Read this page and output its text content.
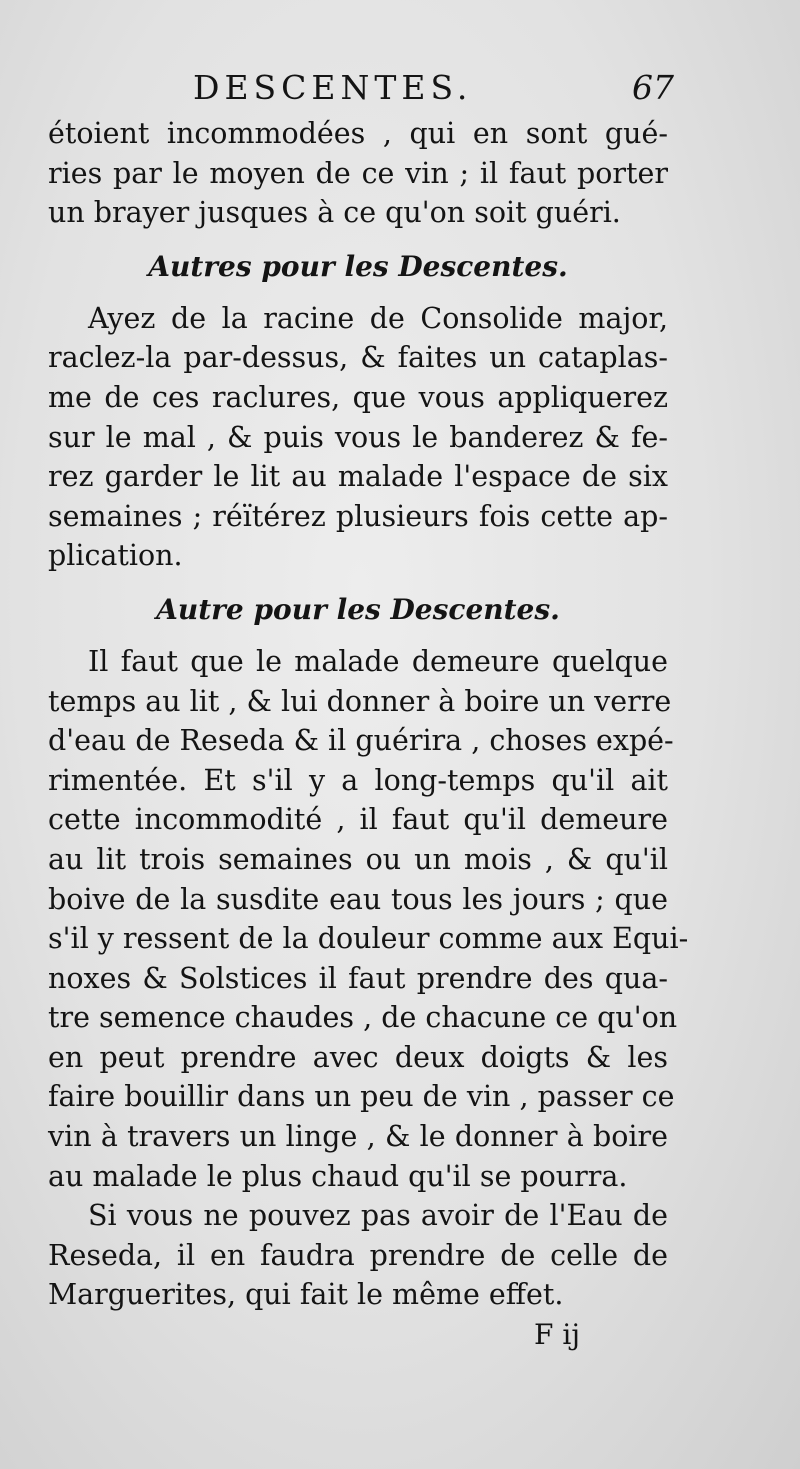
DESCENTES.	67
étoient incommodées , qui en sont gué-
ries par le moyen de ce vin ; il faut porter
un brayer jusques à ce qu'on soit guéri.
Autres pour les Descentes.
Ayez de la racine de Consolide major,
raclez-la par-dessus, & faites un cataplas-
me de ces raclures, que vous appliquerez
sur le mal , & puis vous le banderez & fe-
rez garder le lit au malade l'espace de six
semaines ; réïtérez plusieurs fois cette ap-
plication.
Autre pour les Descentes.
Il faut que le malade demeure quelque
temps au lit , & lui donner à boire un verre
d'eau de Reseda & il guérira , choses expé-
rimentée. Et s'il y a long-temps qu'il ait
cette incommodité , il faut qu'il demeure
au lit trois semaines ou un mois , & qu'il
boive de la susdite eau tous les jours ; que
s'il y ressent de la douleur comme aux Equi-
noxes & Solstices il faut prendre des qua-
tre semence chaudes , de chacune ce qu'on
en peut prendre avec deux doigts & les
faire bouillir dans un peu de vin , passer ce
vin à travers un linge , & le donner à boire
au malade le plus chaud qu'il se pourra.
Si vous ne pouvez pas avoir de l'Eau de
Reseda, il en faudra prendre de celle de
Marguerites, qui fait le même effet.
F ij
